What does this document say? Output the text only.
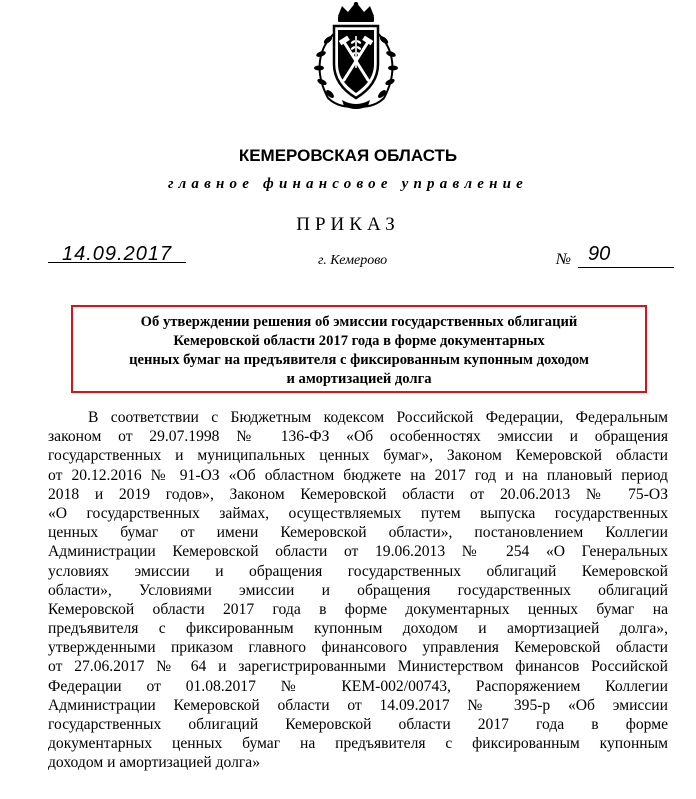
КЕМЕРОВСКАЯ ОБЛАСТЬ
главное финансовое управление
ПРИКАЗ
14.09.2017	г. Кемерово	№ 90
Об утверждении решения об эмиссии государственных облигаций
Кемеровской области 2017 года в форме документарных
ценных бумаг на предъявителя с фиксированным купонным доходом
и амортизацией долга
В соответствии с Бюджетным кодексом Российской Федерации, Федеральным
законом от 29.07.1998 № 136-ФЗ «Об особенностях эмиссии и обращения
государственных и муниципальных ценных бумаг», Законом Кемеровской области
от 20.12.2016 № 91-ОЗ «Об областном бюджете на 2017 год и на плановый период
2018 и 2019 годов», Законом Кемеровской области от 20.06.2013 № 75-ОЗ
«О государственных займах, осуществляемых путем выпуска государственных
ценных бумаг от имени Кемеровской области», постановлением Коллегии
Администрации Кемеровской области от 19.06.2013 № 254 «О Генеральных
условиях эмиссии и обращения государственных облигаций Кемеровской
области», Условиями эмиссии и обращения государственных облигаций
Кемеровской области 2017 года в форме документарных ценных бумаг на
предъявителя с фиксированным купонным доходом и амортизацией долга»,
утвержденными приказом главного финансового управления Кемеровской области
от 27.06.2017 № 64 и зарегистрированными Министерством финансов Российской
Федерации от 01.08.2017 № КЕМ-002/00743, Распоряжением Коллегии
Администрации Кемеровской области от 14.09.2017 № 395-р «Об эмиссии
государственных облигаций Кемеровской области 2017 года в форме
документарных ценных бумаг на предъявителя с фиксированным купонным
доходом и амортизацией долга»
